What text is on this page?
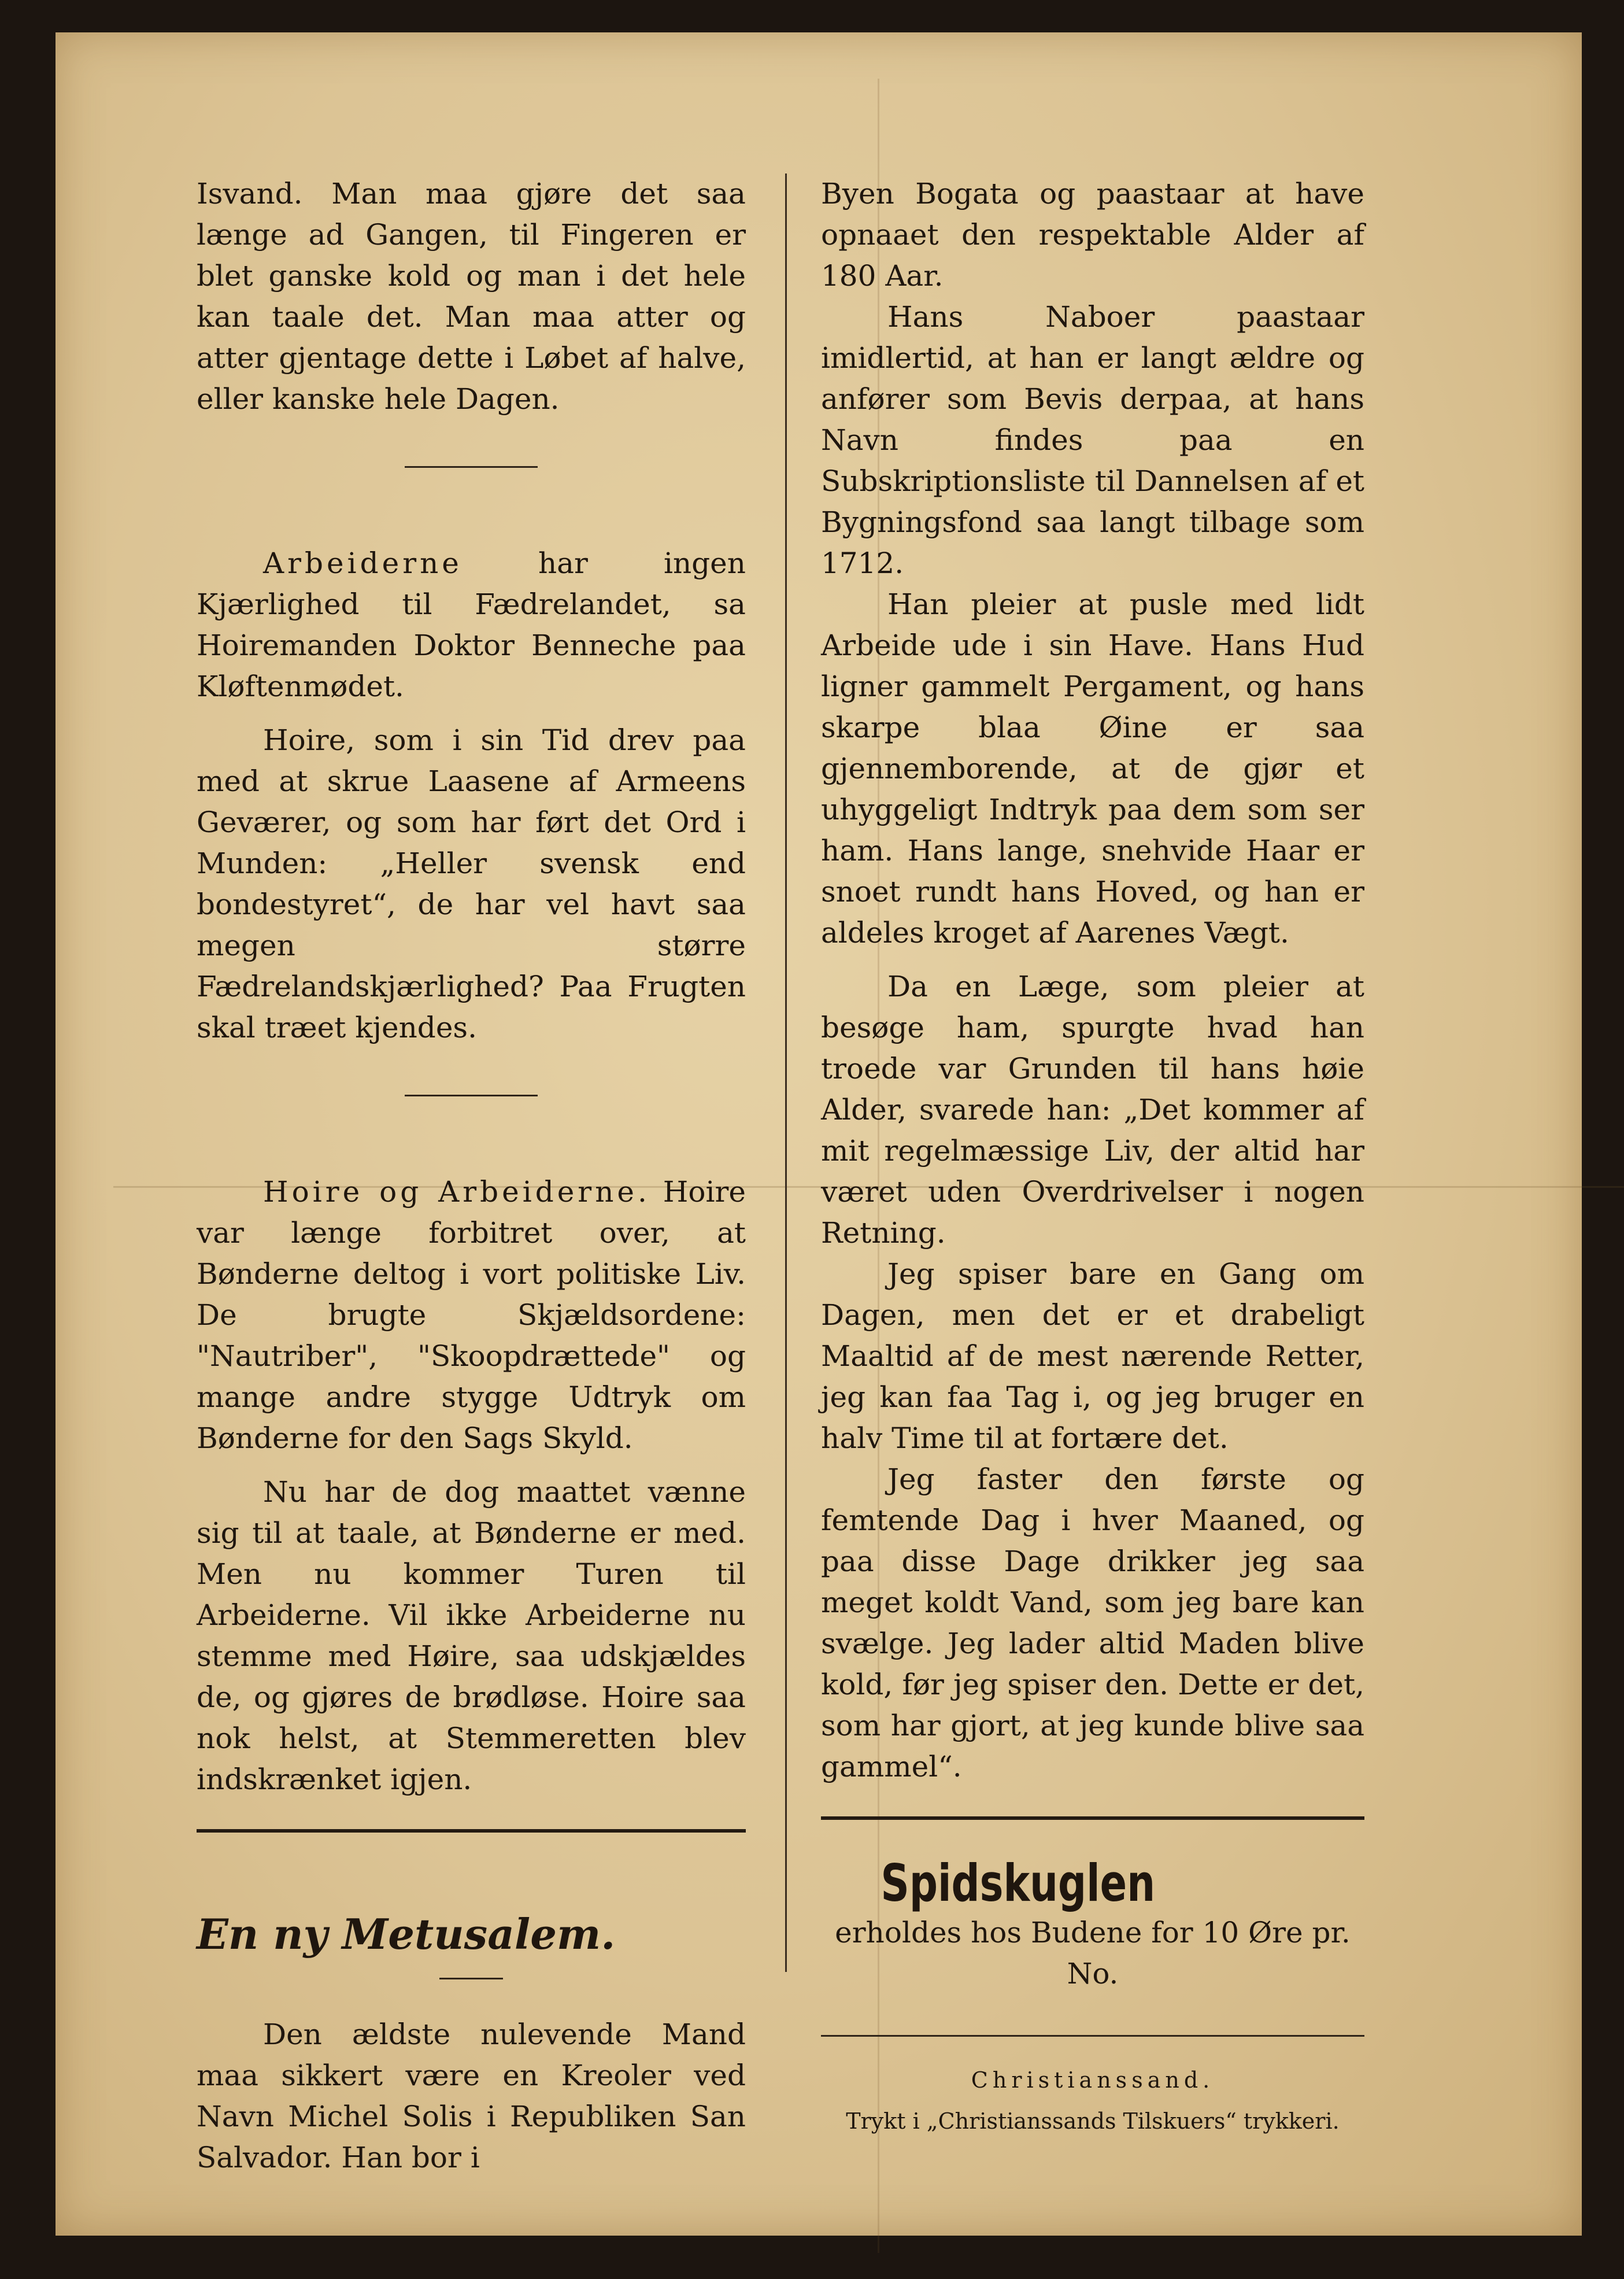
Isvand. Man maa gjøre det saa længe ad Gangen, til Fingeren er blet ganske kold og man i det hele kan taale det. Man maa atter og atter gjentage dette i Løbet af halve, eller kanske hele Dagen.

Arbeiderne	har ingen Kjærlighed til Fædrelandet, sa Hoiremanden Doktor Benneche paa Kløftenmødet.

Hoire, som i sin Tid drev paa med at skrue Laasene af Armeens Geværer, og som har ført det Ord i Munden: „Heller svensk end bondestyret“, de har vel havt saa megen større Fædrelandskjærlighed? Paa Frugten skal træet kjendes.

Hoire og Arbeiderne. Hoire var længe forbitret over, at Bønderne deltog i vort politiske Liv. De brugte Skjældsordene: "Nautriber", "Skoopdrættede" og mange andre stygge Udtryk om Bønderne for den Sags Skyld.

Nu har de dog maattet vænne sig til at taale, at Bønderne er med. Men nu kommer Turen til Arbeiderne. Vil ikke Arbeiderne nu stemme med Høire, saa udskjældes de, og gjøres de brødløse. Hoire saa nok helst, at Stemmeretten blev indskrænket igjen.

En ny Metusalem.

Den ældste nulevende Mand maa sikkert være en Kreoler ved Navn Michel Solis i Republiken San Salvador. Han bor i

Byen Bogata og paastaar at have opnaaet den respektable Alder af 180 Aar.

Hans Naboer paastaar imidlertid, at han er langt ældre og anfører som Bevis derpaa, at hans Navn findes paa en Subskriptionsliste til Dannelsen af et Bygningsfond saa langt tilbage som 1712.

Han pleier at pusle med lidt Arbeide ude i sin Have. Hans Hud ligner gammelt Pergament, og hans skarpe blaa Øine er saa gjennemborende, at de gjør et uhyggeligt Indtryk paa dem som ser ham. Hans lange, snehvide Haar er snoet rundt hans Hoved, og han er aldeles kroget af Aarenes Vægt.

Da en Læge, som pleier at besøge ham, spurgte hvad han troede var Grunden til hans høie Alder, svarede han: „Det kommer af mit regelmæssige Liv, der altid har været uden Overdrivelser i nogen Retning.

Jeg spiser bare en Gang om Dagen, men det er et drabeligt Maaltid af de mest nærende Retter, jeg kan faa Tag i, og jeg bruger en halv Time til at fortære det.

Jeg faster den første og femtende Dag i hver Maaned, og paa disse Dage drikker jeg saa meget koldt Vand, som jeg bare kan svælge. Jeg lader altid Maden blive kold, før jeg spiser den. Dette er det, som har gjort, at jeg kunde blive saa gammel“.

Spidskuglen

erholdes hos Budene for 10 Øre pr. No.

Christianssand.

Trykt i „Christianssands Tilskuers“ trykkeri.
